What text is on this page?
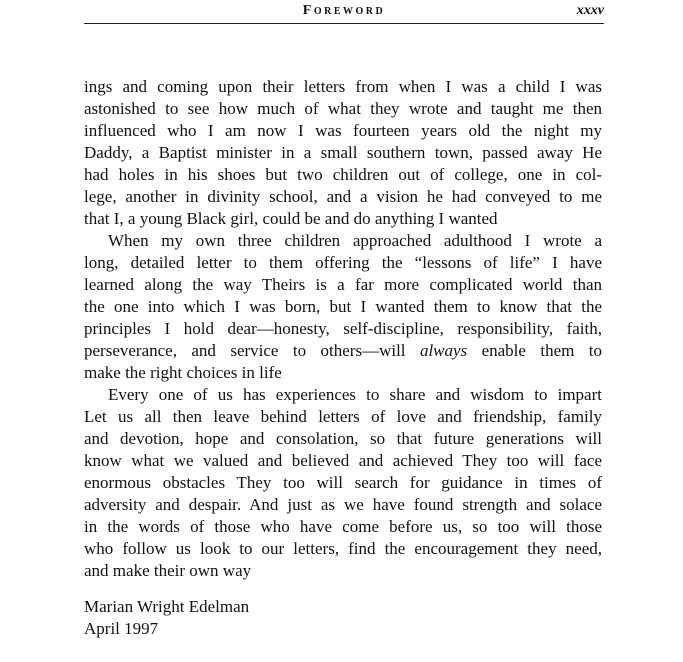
Foreword	xxxv
ings and coming upon their letters from when I was a child I was
astonished to see how much of what they wrote and taught me then
influenced who I am now I was fourteen years old the night my
Daddy, a Baptist minister in a small southern town, passed away He
had holes in his shoes but two children out of college, one in col-
lege, another in divinity school, and a vision he had conveyed to me
that I, a young Black girl, could be and do anything I wanted
When my own three children approached adulthood I wrote a
long, detailed letter to them offering the “lessons of life” I have
learned along the way Theirs is a far more complicated world than
the one into which I was born, but I wanted them to know that the
principles I hold dear—honesty, self-discipline, responsibility, faith,
perseverance, and service to others—will always enable them to
make the right choices in life
Every one of us has experiences to share and wisdom to impart
Let us all then leave behind letters of love and friendship, family
and devotion, hope and consolation, so that future generations will
know what we valued and believed and achieved They too will face
enormous obstacles They too will search for guidance in times of
adversity and despair. And just as we have found strength and solace
in the words of those who have come before us, so too will those
who follow us look to our letters, find the encouragement they need,
and make their own way
Marian Wright Edelman
April 1997
